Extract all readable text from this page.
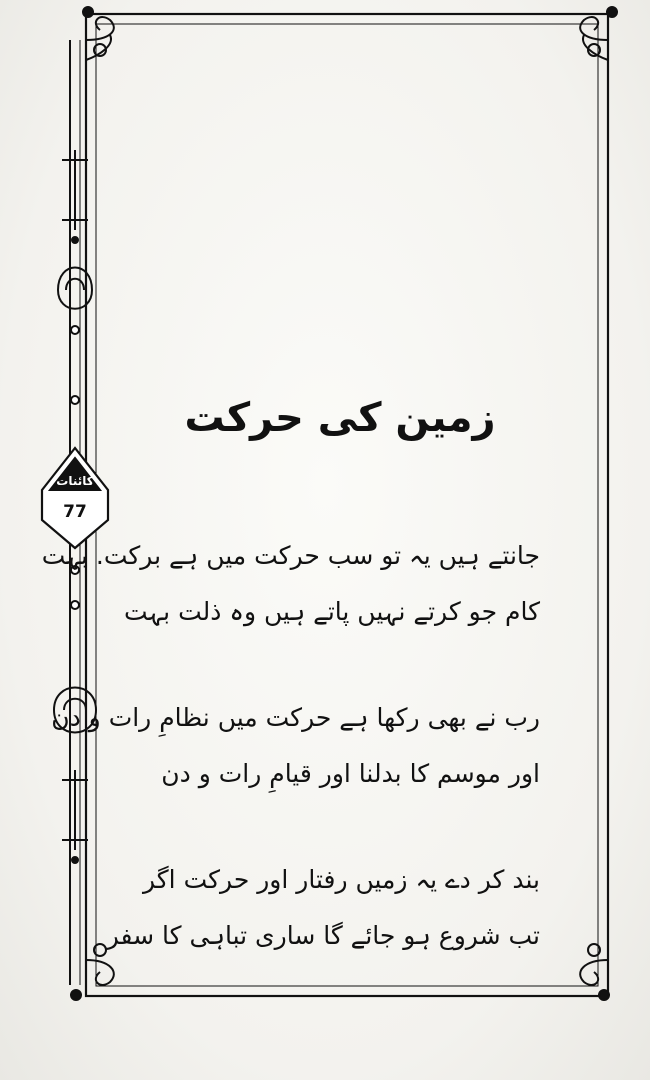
کائنات
77
زمین کی حرکت
جانتے ہیں یہ تو سب حرکت میں ہے برکت. بہت
کام جو کرتے نہیں پاتے ہیں وہ ذلت بہت
رب نے بھی رکھا ہے حرکت میں نظامِ رات و دن
اور موسم کا بدلنا اور قیامِ رات و دن
بند کر دے یہ زمیں رفتار اور حرکت اگر
تب شروع ہو جائے گا ساری تباہی کا سفر
